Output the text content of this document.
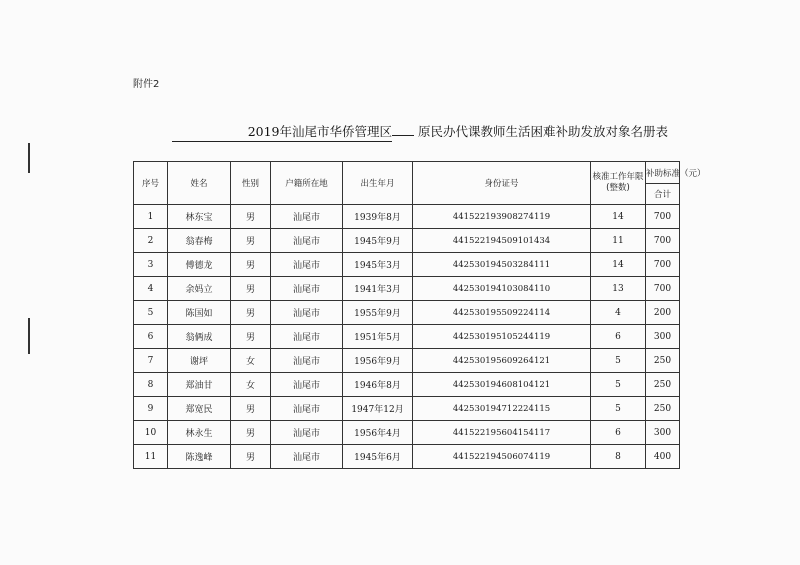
附件2
2019年汕尾市华侨管理区 原民办代课教师生活困难补助发放对象名册表
序号	姓名	性别	户籍所在地	出生年月	身份证号	核准工作年限(整数)	补助标准（元）
							合计
1	林东宝	男	汕尾市	1939年8月	441522193908274119	14	700
2	翁春梅	男	汕尾市	1945年9月	441522194509101434	11	700
3	傅德龙	男	汕尾市	1945年3月	442530194503284111	14	700
4	余妈立	男	汕尾市	1941年3月	442530194103084110	13	700
5	陈国如	男	汕尾市	1955年9月	442530195509224114	4	200
6	翁俩成	男	汕尾市	1951年5月	442530195105244119	6	300
7	谢坪	女	汕尾市	1956年9月	442530195609264121	5	250
8	郑油甘	女	汕尾市	1946年8月	442530194608104121	5	250
9	郑宽民	男	汕尾市	1947年12月	442530194712224115	5	250
10	林永生	男	汕尾市	1956年4月	441522195604154117	6	300
11	陈逸峰	男	汕尾市	1945年6月	441522194506074119	8	400
